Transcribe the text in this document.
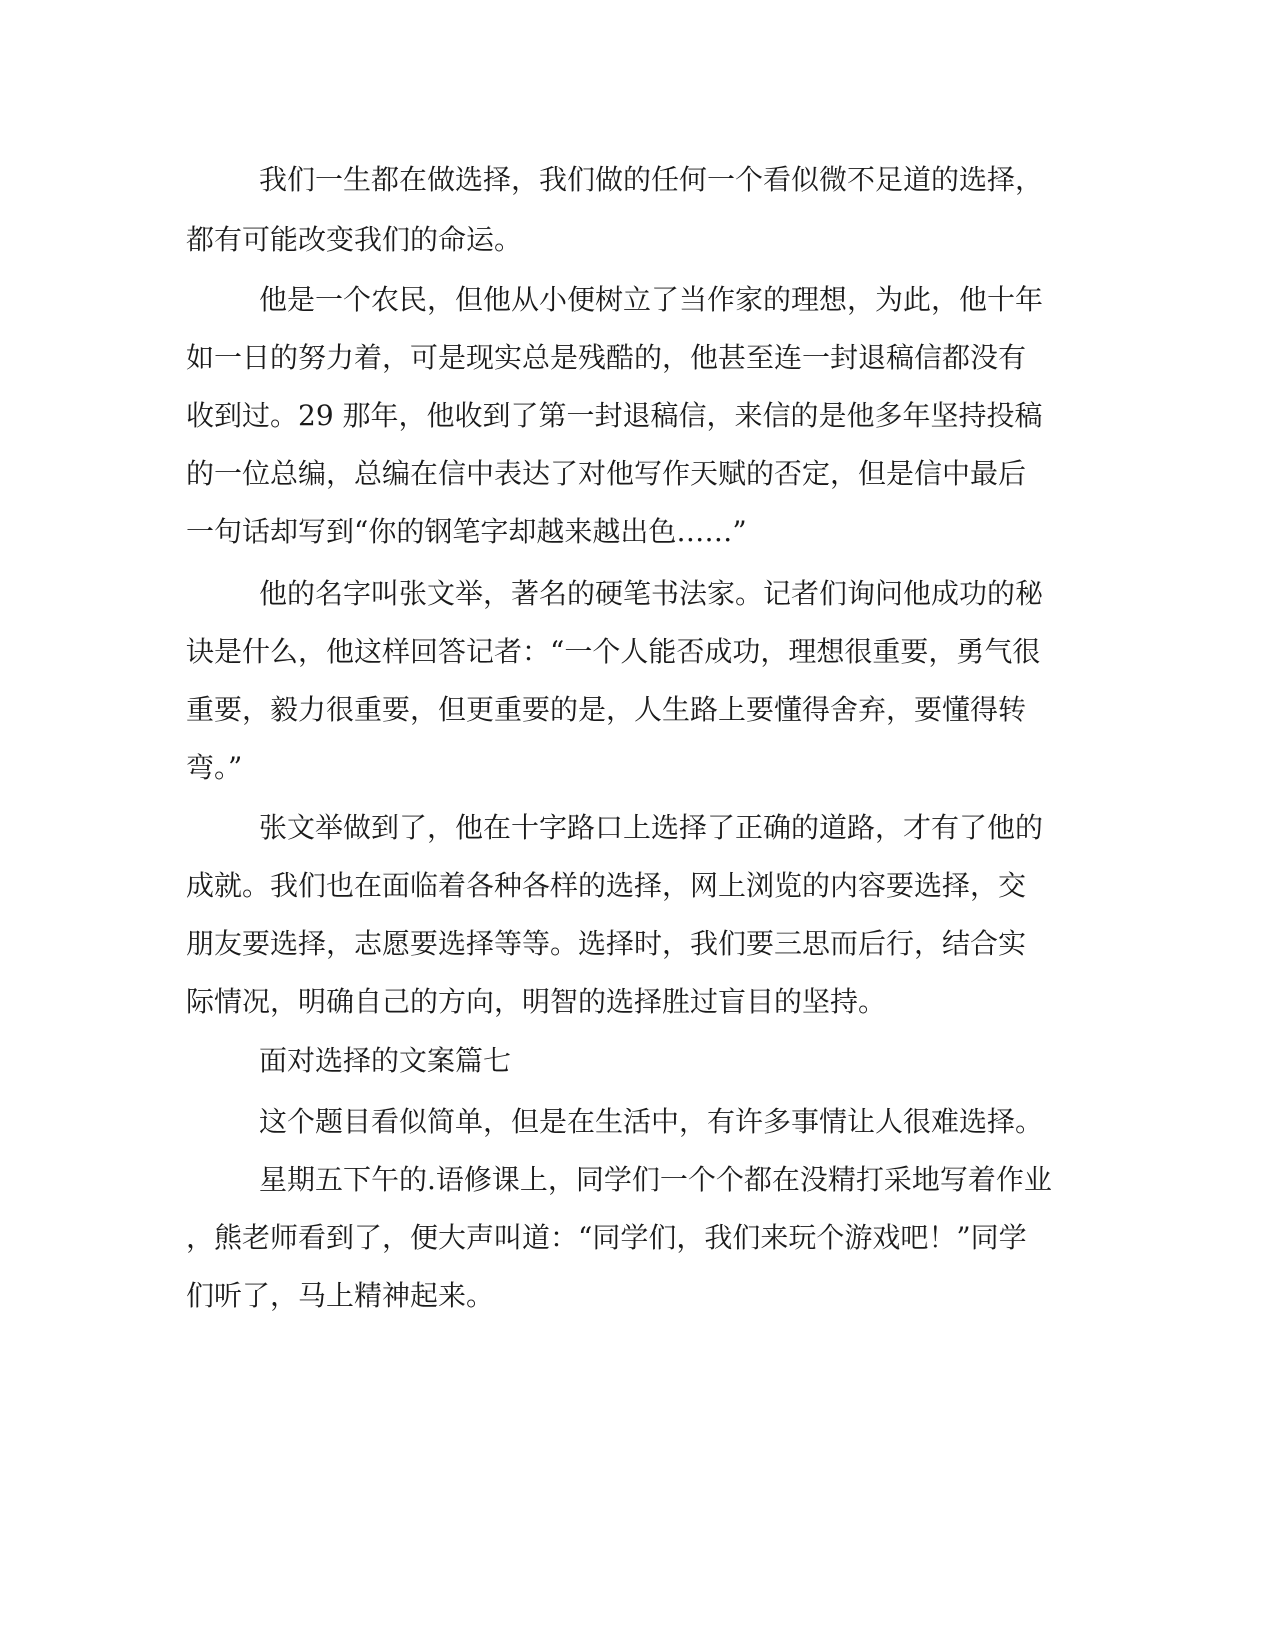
我们一生都在做选择，我们做的任何一个看似微不足道的选择，
都有可能改变我们的命运。
他是一个农民，但他从小便树立了当作家的理想，为此，他十年
如一日的努力着，可是现实总是残酷的，他甚至连一封退稿信都没有
收到过。29 那年，他收到了第一封退稿信，来信的是他多年坚持投稿
的一位总编，总编在信中表达了对他写作天赋的否定，但是信中最后
一句话却写到“你的钢笔字却越来越出色……”
他的名字叫张文举，著名的硬笔书法家。记者们询问他成功的秘
诀是什么，他这样回答记者：“一个人能否成功，理想很重要，勇气很
重要，毅力很重要，但更重要的是，人生路上要懂得舍弃，要懂得转
弯。”
张文举做到了，他在十字路口上选择了正确的道路，才有了他的
成就。我们也在面临着各种各样的选择，网上浏览的内容要选择，交
朋友要选择，志愿要选择等等。选择时，我们要三思而后行，结合实
际情况，明确自己的方向，明智的选择胜过盲目的坚持。
面对选择的文案篇七
这个题目看似简单，但是在生活中，有许多事情让人很难选择。
星期五下午的.语修课上，同学们一个个都在没精打采地写着作业
，熊老师看到了，便大声叫道：“同学们，我们来玩个游戏吧！”同学
们听了，马上精神起来。
